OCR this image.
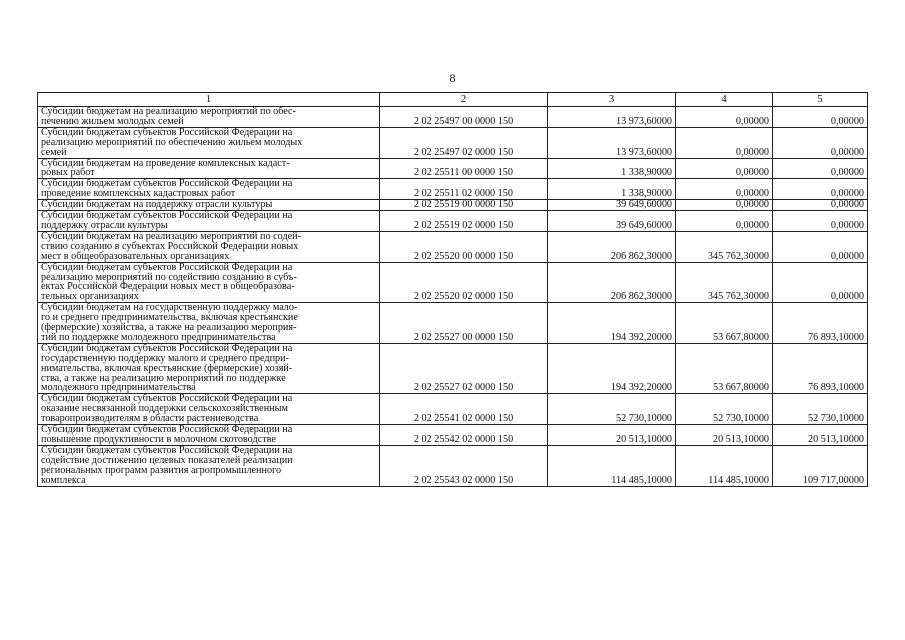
8
1	2	3	4	5

Субсидии бюджетам на реализацию мероприятий по обес-
печению жильем молодых семей	2 02 25497 00 0000 150	13 973,60000	0,00000	0,00000

Субсидии бюджетам субъектов Российской Федерации на
реализацию мероприятий по обеспечению жильем молодых
семей	2 02 25497 02 0000 150	13 973,60000	0,00000	0,00000

Субсидии бюджетам на проведение комплексных кадаст-
ровых работ	2 02 25511 00 0000 150	1 338,90000	0,00000	0,00000

Субсидии бюджетам субъектов Российской Федерации на
проведение комплексных кадастровых работ	2 02 25511 02 0000 150	1 338,90000	0,00000	0,00000

Субсидии бюджетам на поддержку отрасли культуры	2 02 25519 00 0000 150	39 649,60000	0,00000	0,00000

Субсидии бюджетам субъектов Российской Федерации на
поддержку отрасли культуры	2 02 25519 02 0000 150	39 649,60000	0,00000	0,00000

Субсидии бюджетам на реализацию мероприятий по содей-
ствию созданию в субъектах Российской Федерации новых
мест в общеобразовательных организациях	2 02 25520 00 0000 150	206 862,30000	345 762,30000	0,00000

Субсидии бюджетам субъектов Российской Федерации на
реализацию мероприятий по содействию созданию в субъ-
ектах Российской Федерации новых мест в общеобразова-
тельных организациях	2 02 25520 02 0000 150	206 862,30000	345 762,30000	0,00000

Субсидии бюджетам на государственную поддержку мало-
го и среднего предпринимательства, включая крестьянские
(фермерские) хозяйства, а также на реализацию мероприя-
тий по поддержке молодежного предпринимательства	2 02 25527 00 0000 150	194 392,20000	53 667,80000	76 893,10000

Субсидии бюджетам субъектов Российской Федерации на
государственную поддержку малого и среднего предпри-
нимательства, включая крестьянские (фермерские) хозяй-
ства, а также на реализацию мероприятий по поддержке
молодежного предпринимательства	2 02 25527 02 0000 150	194 392,20000	53 667,80000	76 893,10000

Субсидии бюджетам субъектов Российской Федерации на
оказание несвязанной поддержки сельскохозяйственным
товаропроизводителям в области растениеводства	2 02 25541 02 0000 150	52 730,10000	52 730,10000	52 730,10000

Субсидии бюджетам субъектов Российской Федерации на
повышение продуктивности в молочном скотоводстве	2 02 25542 02 0000 150	20 513,10000	20 513,10000	20 513,10000

Субсидии бюджетам субъектов Российской Федерации на
содействие достижению целевых показателей реализации
региональных программ развития агропромышленного
комплекса	2 02 25543 02 0000 150	114 485,10000	114 485,10000	109 717,00000
